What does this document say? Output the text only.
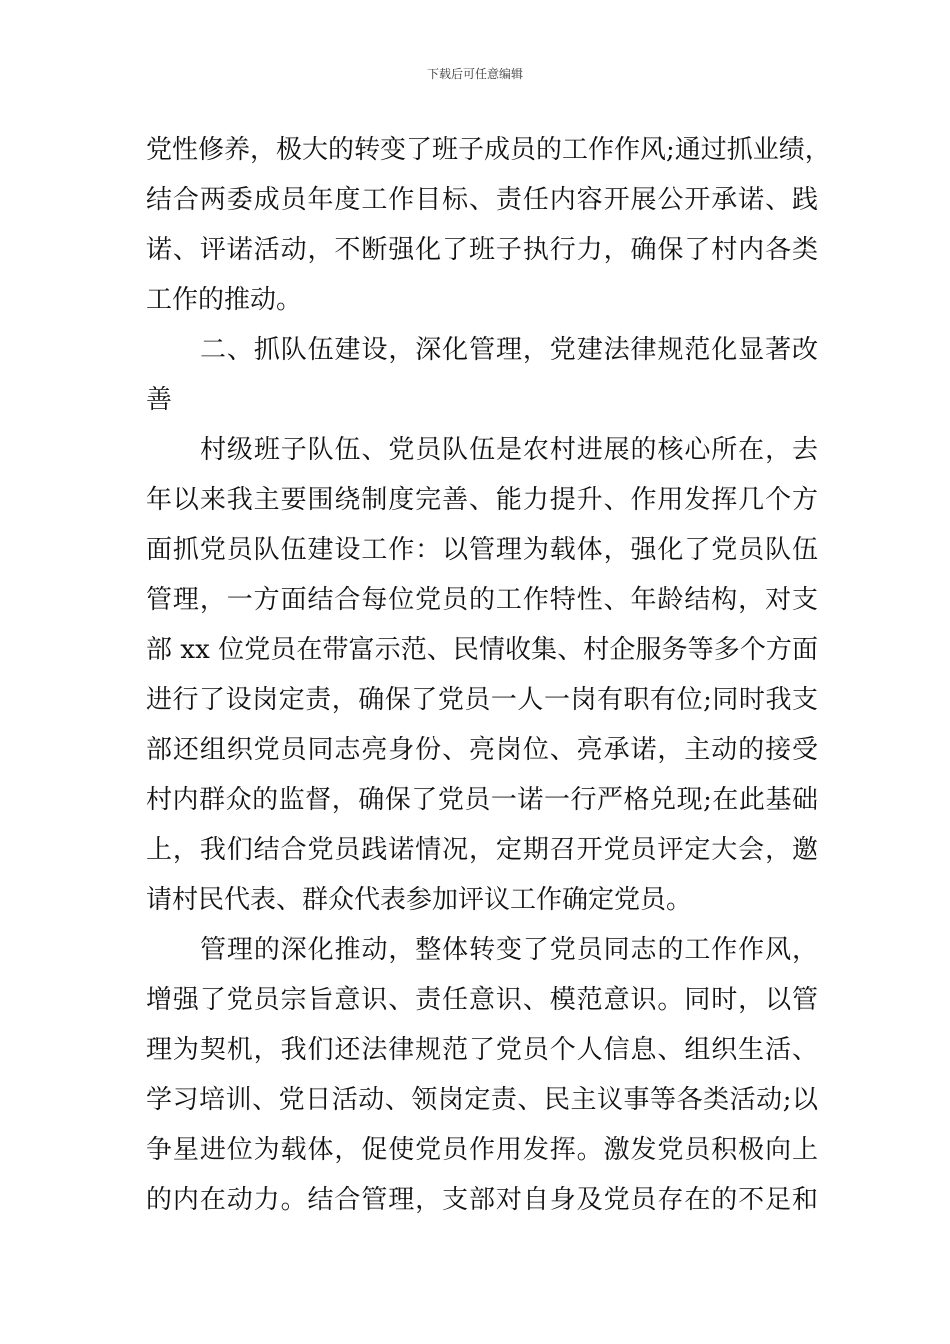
下载后可任意编辑
党性修养，极大的转变了班子成员的工作作风;通过抓业绩，
结合两委成员年度工作目标、责任内容开展公开承诺、践
诺、评诺活动，不断强化了班子执行力，确保了村内各类
工作的推动。
二、抓队伍建设，深化管理，党建法律规范化显著改
善
村级班子队伍、党员队伍是农村进展的核心所在，去
年以来我主要围绕制度完善、能力提升、作用发挥几个方
面抓党员队伍建设工作：以管理为载体，强化了党员队伍
管理，一方面结合每位党员的工作特性、年龄结构，对支
部 xx 位党员在带富示范、民情收集、村企服务等多个方面
进行了设岗定责，确保了党员一人一岗有职有位;同时我支
部还组织党员同志亮身份、亮岗位、亮承诺，主动的接受
村内群众的监督，确保了党员一诺一行严格兑现;在此基础
上，我们结合党员践诺情况，定期召开党员评定大会，邀
请村民代表、群众代表参加评议工作确定党员。
管理的深化推动，整体转变了党员同志的工作作风，
增强了党员宗旨意识、责任意识、模范意识。同时，以管
理为契机，我们还法律规范了党员个人信息、组织生活、
学习培训、党日活动、领岗定责、民主议事等各类活动;以
争星进位为载体，促使党员作用发挥。激发党员积极向上
的内在动力。结合管理，支部对自身及党员存在的不足和
